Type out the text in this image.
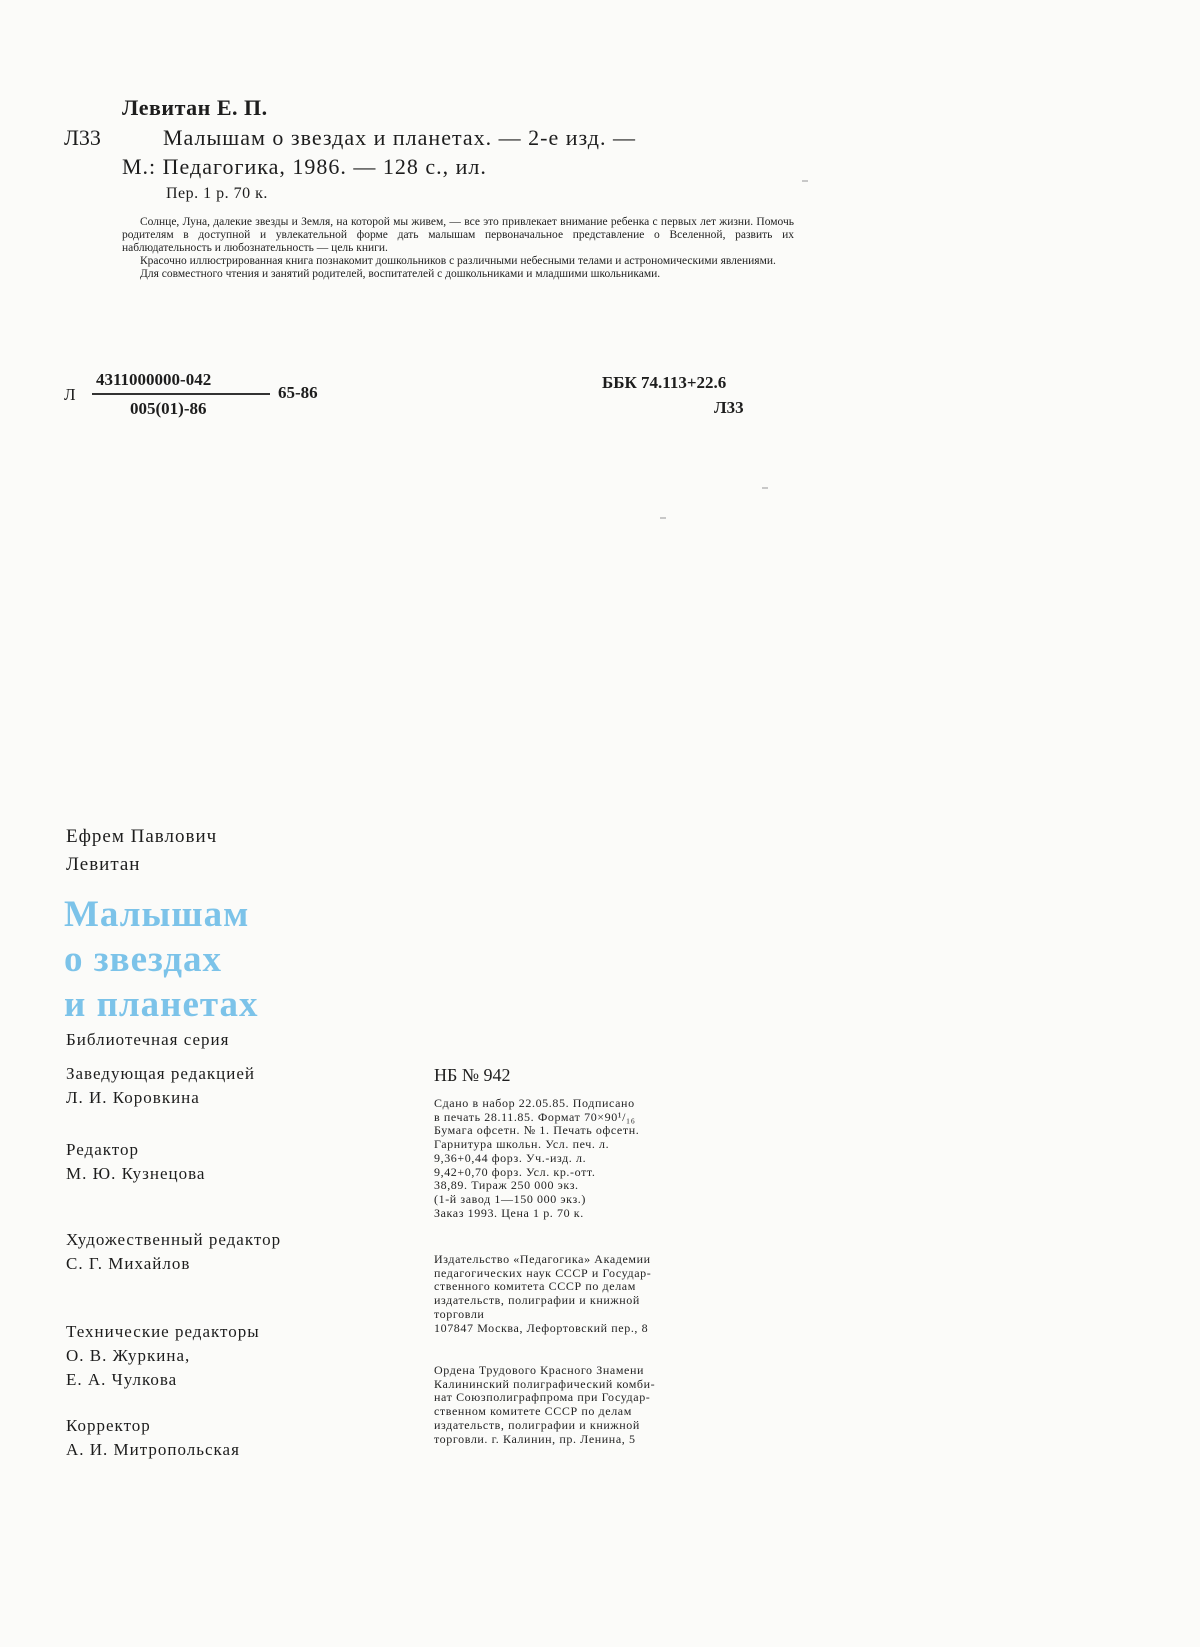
Левитан Е. П.
Л33	Малышам о звездах и планетах. — 2-е изд. —
М.: Педагогика, 1986. — 128 с., ил.
Пер. 1 р. 70 к.

Солнце, Луна, далекие звезды и Земля, на которой мы живем, — все это привлекает внимание ребенка с первых лет жизни. Помочь родителям в доступной и увлекательной форме дать малышам первоначальное представление о Вселенной, развить их наблюдательность и любознательность — цель книги.

Красочно иллюстрированная книга познакомит дошкольников с различными небесными телами и астрономическими явлениями.

Для совместного чтения и занятий родителей, воспитателей с дошкольниками и младшими школьниками.

Л
4311000000-042
005(01)-86
65-86
ББК 74.113+22.6
Л33
Ефрем Павлович
Левитан
Малышам
о звездах
и планетах
Библиотечная серия
Заведующая редакцией
Л. И. Коровкина
Редактор
М. Ю. Кузнецова
Художественный редактор
С. Г. Михайлов
Технические редакторы
О. В. Журкина,
Е. А. Чулкова
Корректор
А. И. Митропольская
НБ № 942
Сдано в набор 22.05.85. Подписано
в печать 28.11.85. Формат 70×90¹/₁₆
Бумага офсетн. № 1. Печать офсетн.
Гарнитура школьн. Усл. печ. л.
9,36+0,44 форз. Уч.-изд. л.
9,42+0,70 форз. Усл. кр.-отт.
38,89. Тираж 250 000 экз.
(1-й завод 1—150 000 экз.)
Заказ 1993. Цена 1 р. 70 к.
Издательство «Педагогика» Академии
педагогических наук СССР и Государ-
ственного комитета СССР по делам
издательств, полиграфии и книжной
торговли
107847 Москва, Лефортовский пер., 8
Ордена Трудового Красного Знамени
Калининский полиграфический комби-
нат Союзполиграфпрома при Государ-
ственном комитете СССР по делам
издательств, полиграфии и книжной
торговли. г. Калинин, пр. Ленина, 5
